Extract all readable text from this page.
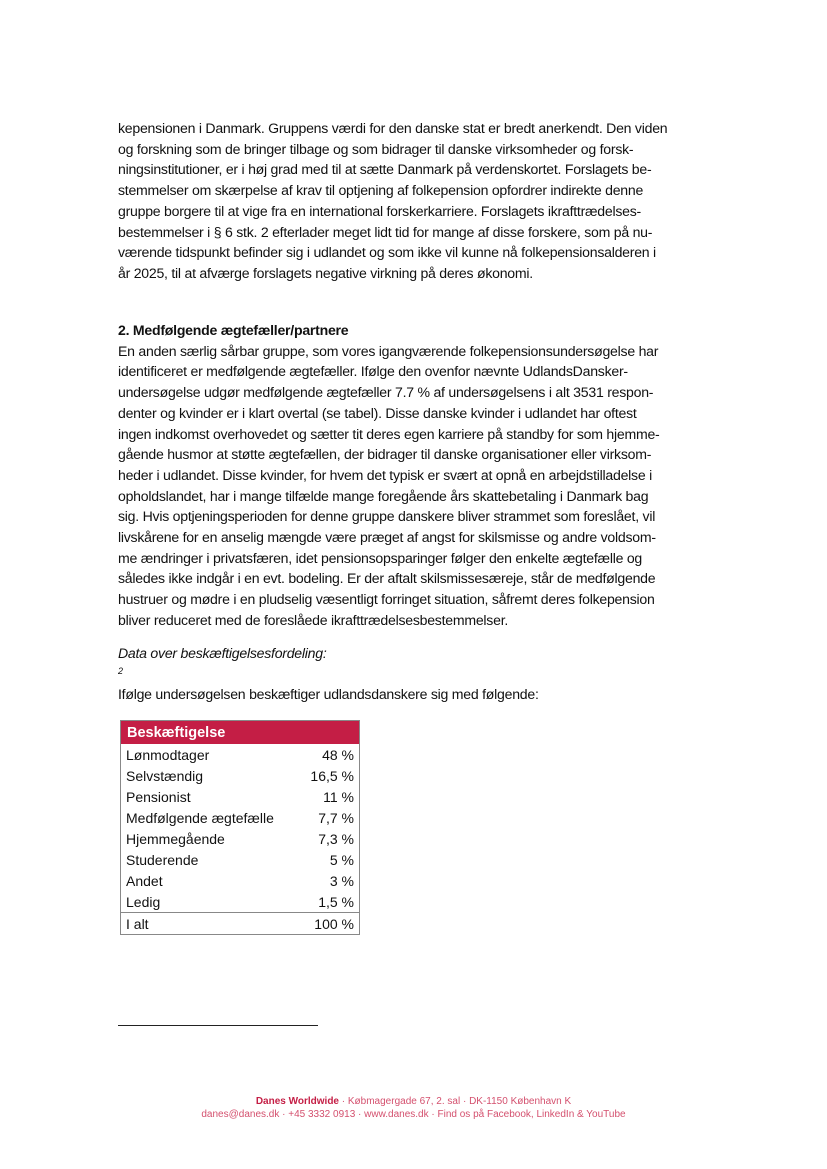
kepensionen i Danmark. Gruppens værdi for den danske stat er bredt anerkendt. Den viden
og forskning som de bringer tilbage og som bidrager til danske virksomheder og forsk-
ningsinstitutioner, er i høj grad med til at sætte Danmark på verdenskortet. Forslagets be-
stemmelser om skærpelse af krav til optjening af folkepension opfordrer indirekte denne
gruppe borgere til at vige fra en international forskerkarriere. Forslagets ikrafttrædelses-
bestemmelser i § 6 stk. 2 efterlader meget lidt tid for mange af disse forskere, som på nu-
værende tidspunkt befinder sig i udlandet og som ikke vil kunne nå folkepensionsalderen i
år 2025, til at afværge forslagets negative virkning på deres økonomi.
2. Medfølgende ægtefæller/partnere
En anden særlig sårbar gruppe, som vores igangværende folkepensionsundersøgelse har
identificeret er medfølgende ægtefæller. Ifølge den ovenfor nævnte UdlandsDansker-
undersøgelse udgør medfølgende ægtefæller 7.7 % af undersøgelsens i alt 3531 respon-
denter og kvinder er i klart overtal (se tabel). Disse danske kvinder i udlandet har oftest
ingen indkomst overhovedet og sætter tit deres egen karriere på standby for som hjemme-
gående husmor at støtte ægtefællen, der bidrager til danske organisationer eller virksom-
heder i udlandet. Disse kvinder, for hvem det typisk er svært at opnå en arbejdstilladelse i
opholdslandet, har i mange tilfælde mange foregående års skattebetaling i Danmark bag
sig. Hvis optjeningsperioden for denne gruppe danskere bliver strammet som foreslået, vil
livskårene for en anselig mængde være præget af angst for skilsmisse og andre voldsom-
me ændringer i privatsfæren, idet pensionsopsparinger følger den enkelte ægtefælle og
således ikke indgår i en evt. bodeling. Er der aftalt skilsmissesæreje, står de medfølgende
hustruer og mødre i en pludselig væsentligt forringet situation, såfremt deres folkepension
bliver reduceret med de foreslåede ikrafttrædelsesbestemmelser.
Data over beskæftigelsesfordeling:
$^2$
Ifølge undersøgelsen beskæftiger udlandsdanskere sig med følgende:
Beskæftigelse	
Lønmodtager	48 %
Selvstændig	16,5 %
Pensionist	11 %
Medfølgende ægtefælle	7,7 %
Hjemmegående	7,3 %
Studerende	5 %
Andet	3 %
Ledig	1,5 %
I alt	100 %
Danes Worldwide · Købmagergade 67, 2. sal · DK-1150 København K
danes@danes.dk · +45 3332 0913 · www.danes.dk · Find os på Facebook, LinkedIn & YouTube
